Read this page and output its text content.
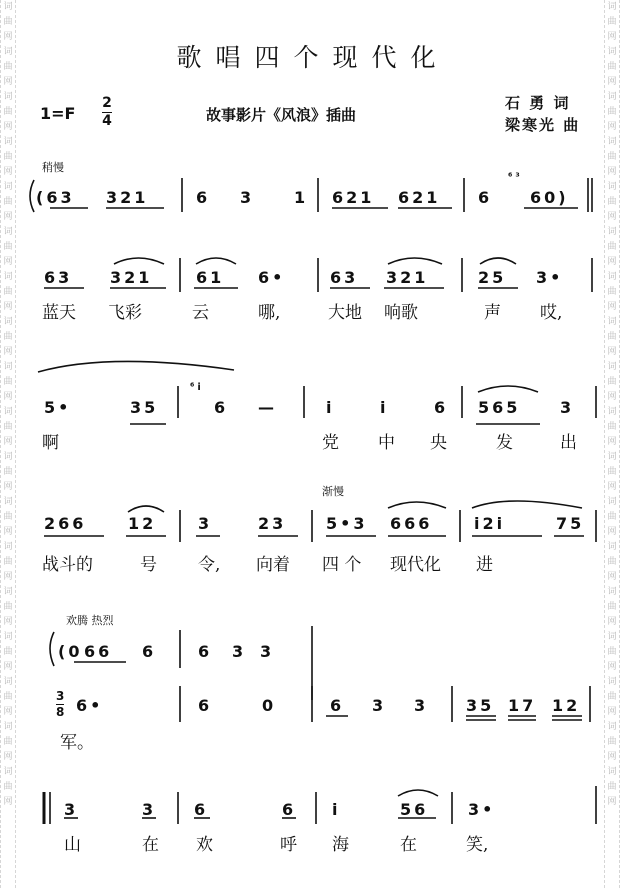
词曲网词曲网词曲网词曲网词曲网词曲网词曲网词曲网词曲网词曲网词曲网词曲网词曲网词曲网词曲网词曲网词曲网词曲网
词曲网词曲网词曲网词曲网词曲网词曲网词曲网词曲网词曲网词曲网词曲网词曲网词曲网词曲网词曲网词曲网词曲网词曲网
歌唱四个现代化
1=F
2
4	故事影片《风浪》插曲
石 勇 词
梁寒光 曲
稍慢
渐慢
欢腾 热烈
(63 321	6 3 1 621 621 6
⁶³
60)
63 321	61 6•	63 321	25 3•
蓝天 飞彩	云	哪,	大地 响歌	声 哎,
5•	35
⁶i
6 —	i	i	6 565 3
啊	党 中 央	发	出
266	12	3	23 5•3 666	i2i	75
战斗的	号 令, 向着 四 个 现代化 进
(0 66 6	6 3 3
3
8 6•	6	0	6 3 3 35 17 12
军。
3	3 6	6 i	56 3•
山	在 欢	呼 海	在	笑,
